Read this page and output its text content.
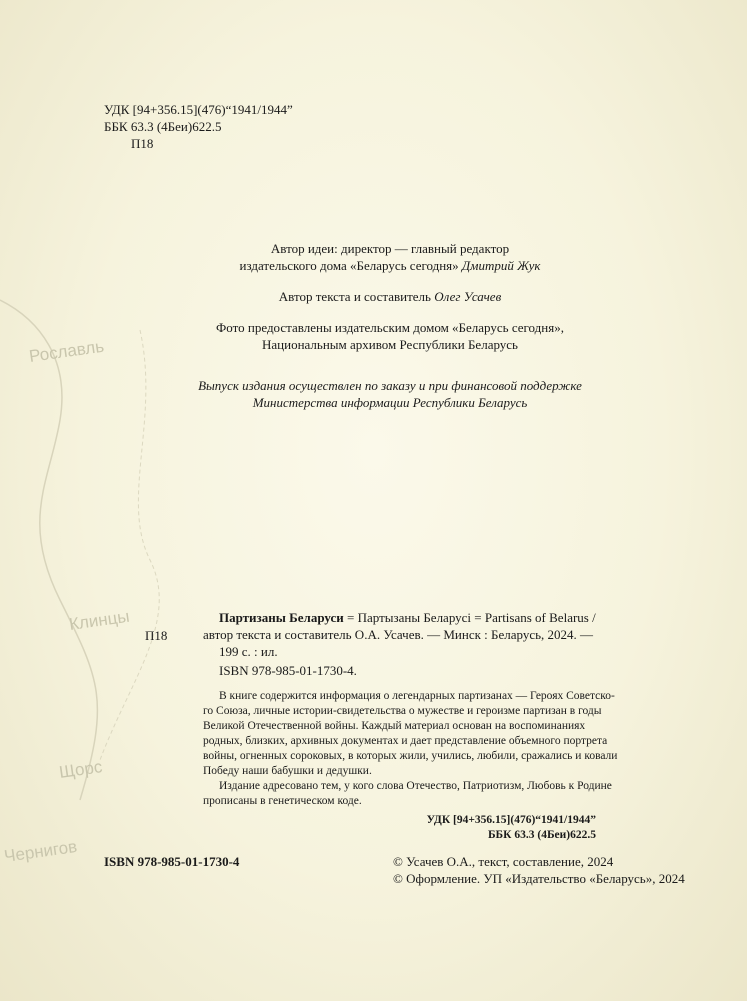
Рославль
Клинцы
Щорс
Чернигов
УДК [94+356.15](476)“1941/1944”
ББК 63.3 (4Беи)622.5
П18
Автор идеи: директор — главный редактор
издательского дома «Беларусь сегодня» Дмитрий Жук
Автор текста и составитель Олег Усачев
Фото предоставлены издательским домом «Беларусь сегодня»,
Национальным архивом Республики Беларусь
Выпуск издания осуществлен по заказу и при финансовой поддержке
Министерства информации Республики Беларусь
П18
Партизаны Беларуси = Партызаны Беларусі = Partisans of Belarus /
автор текста и составитель О.А. Усачев. — Минск : Беларусь, 2024. —
199 с. : ил.
ISBN 978-985-01-1730-4.
В книге содержится информация о легендарных партизанах — Героях Советско-
го Союза, личные истории-свидетельства о мужестве и героизме партизан в годы
Великой Отечественной войны. Каждый материал основан на воспоминаниях
родных, близких, архивных документах и дает представление объемного портрета
войны, огненных сороковых, в которых жили, учились, любили, сражались и ковали
Победу наши бабушки и дедушки.
Издание адресовано тем, у кого слова Отечество, Патриотизм, Любовь к Родине
прописаны в генетическом коде.
УДК [94+356.15](476)“1941/1944”
ББК 63.3 (4Беи)622.5
ISBN 978-985-01-1730-4	© Усачев О.А., текст, составление, 2024
© Оформление. УП «Издательство «Беларусь», 2024
